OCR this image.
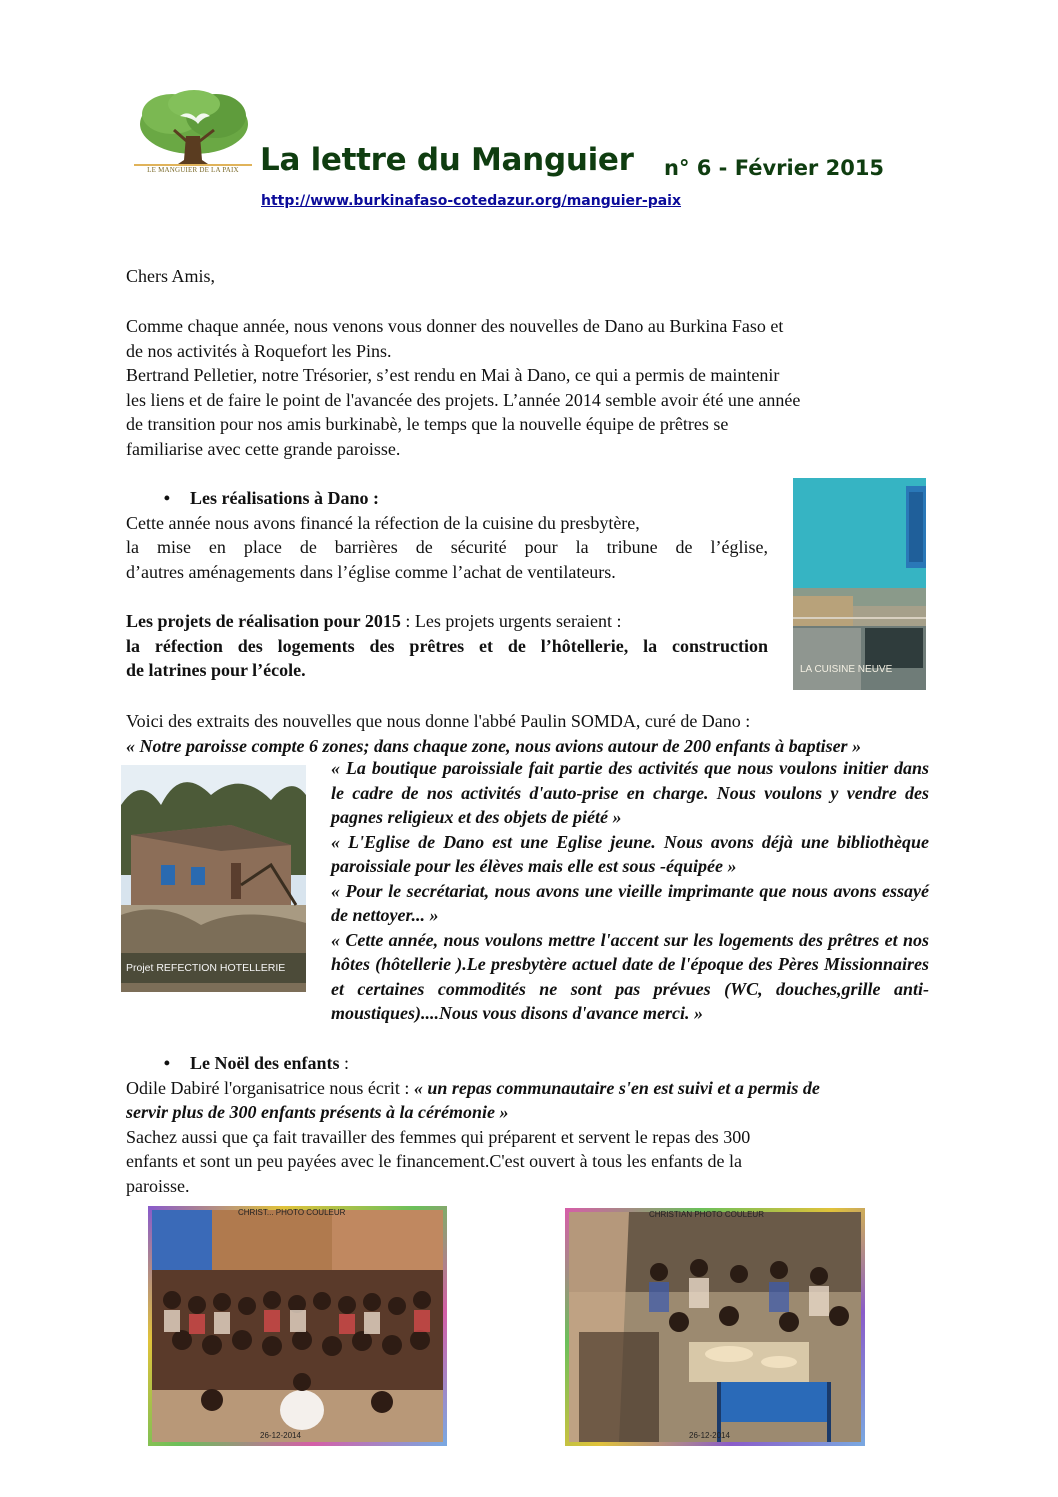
LE MANGUIER DE LA PAIX La lettre du Manguier n° 6 - Février 2015
http://www.burkinafaso-cotedazur.org/manguier-paix
Chers Amis,
Comme chaque année, nous venons vous donner des nouvelles de Dano au Burkina Faso et
de nos activités à Roquefort les Pins.
Bertrand Pelletier, notre Trésorier, s’est rendu en Mai à Dano, ce qui a permis de maintenir
les liens et de faire le point de l'avancée des projets. L’année 2014 semble avoir été une année
de transition pour nos amis burkinabè, le temps que la nouvelle équipe de prêtres se
familiarise avec cette grande paroisse.
• Les réalisations à Dano :
Cette année nous avons financé la réfection de la cuisine du presbytère,
la mise en place de barrières de sécurité pour la tribune de l’église,
d’autres aménagements dans l’église comme l’achat de ventilateurs.
Les projets de réalisation pour 2015 : Les projets urgents seraient :
la réfection des logements des prêtres et de l’hôtellerie, la construction
de latrines pour l’école.	LA CUISINE NEUVE
Voici des extraits des nouvelles que nous donne l'abbé Paulin SOMDA, curé de Dano :
« Notre paroisse compte 6 zones; dans chaque zone, nous avions autour de 200 enfants à baptiser »
Projet REFECTION HOTELLERIE
« La boutique paroissiale fait partie des activités que nous voulons initier dans le cadre de nos activités d'auto-prise en charge. Nous voulons y vendre des pagnes religieux et des objets de piété »
« L'Eglise de Dano est une Eglise jeune. Nous avons déjà une bibliothèque paroissiale pour les élèves mais elle est sous -équipée »
« Pour le secrétariat, nous avons une vieille imprimante que nous avons essayé de nettoyer... »
« Cette année, nous voulons mettre l'accent sur les logements des prêtres et nos hôtes (hôtellerie ).Le presbytère actuel date de l'époque des Pères Missionnaires et certaines commodités ne sont pas prévues (WC, douches,grille anti-moustiques)....Nous vous disons d'avance merci. »
• Le Noël des enfants :
Odile Dabiré l'organisatrice nous écrit : « un repas communautaire s'en est suivi et a permis de
servir plus de 300 enfants présents à la cérémonie »
Sachez aussi que ça fait travailler des femmes qui préparent et servent le repas des 300
enfants et sont un peu payées avec le financement.C'est ouvert à tous les enfants de la
paroisse.
CHRIST... PHOTO COULEUR
26-12-2014
CHRISTIAN PHOTO COULEUR
26-12-2014
